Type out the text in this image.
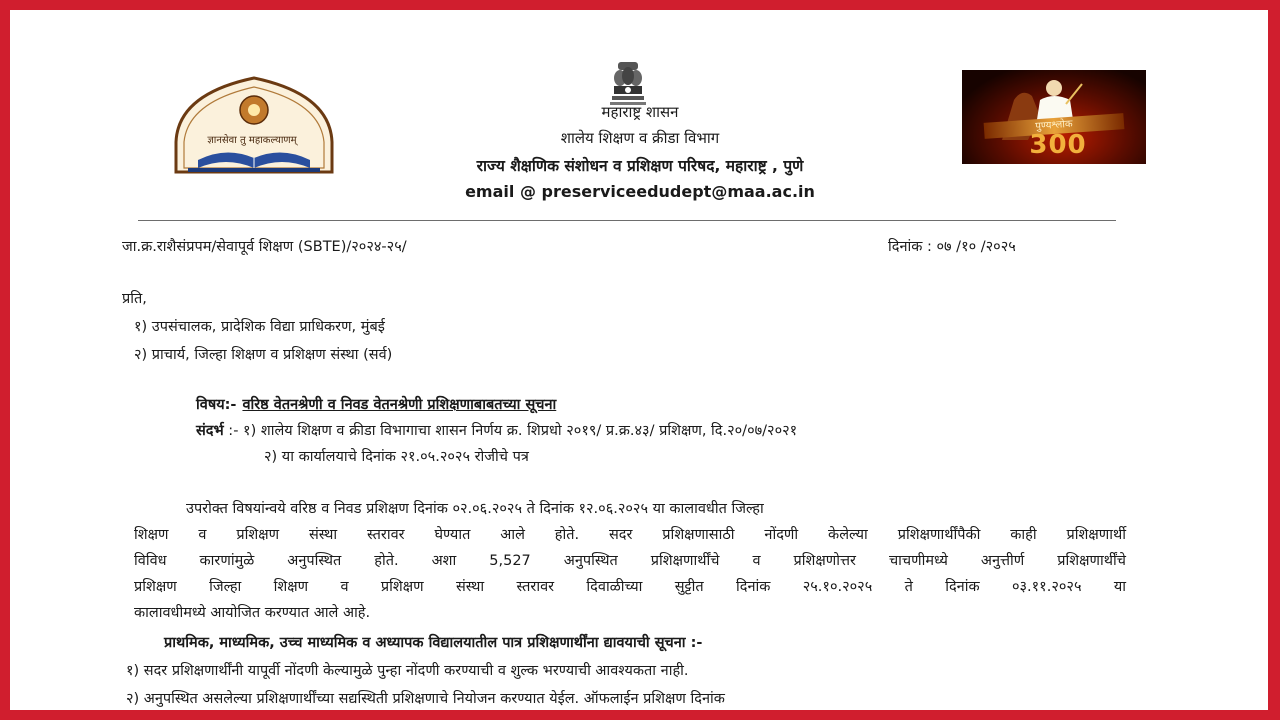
ज्ञानसेवा तु महाकल्याणम्
महाराष्ट्र शासन
शालेय शिक्षण व क्रीडा विभाग
राज्य शैक्षणिक संशोधन व प्रशिक्षण परिषद, महाराष्ट्र , पुणे
email @ preserviceedudept@maa.ac.in
पुण्यश्लोक
300
जा.क्र.राशैसंप्रपम/सेवापूर्व शिक्षण (SBTE)/२०२४-२५/	दिनांक : ०७ /१० /२०२५
प्रति,
१) उपसंचालक, प्रादेशिक विद्या प्राधिकरण, मुंबई
२) प्राचार्य, जिल्हा शिक्षण व प्रशिक्षण संस्था (सर्व)
विषय:- वरिष्ठ वेतनश्रेणी व निवड वेतनश्रेणी प्रशिक्षणाबाबतच्या सूचना
संदर्भ :- १) शालेय शिक्षण व क्रीडा विभागाचा शासन निर्णय क्र. शिप्रधो २०१९/ प्र.क्र.४३/ प्रशिक्षण, दि.२०/०७/२०२१
२) या कार्यालयाचे दिनांक २१.०५.२०२५ रोजीचे पत्र
उपरोक्त विषयांन्वये वरिष्ठ व निवड प्रशिक्षण दिनांक ०२.०६.२०२५ ते दिनांक १२.०६.२०२५ या कालावधीत जिल्हा
शिक्षण व प्रशिक्षण संस्था स्तरावर घेण्यात आले होते. सदर प्रशिक्षणासाठी नोंदणी केलेल्या प्रशिक्षणार्थींपैकी काही प्रशिक्षणार्थी
विविध कारणांमुळे अनुपस्थित होते. अशा 5,527 अनुपस्थित प्रशिक्षणार्थींचे व प्रशिक्षणोत्तर चाचणीमध्ये अनुत्तीर्ण प्रशिक्षणार्थींचे
प्रशिक्षण जिल्हा शिक्षण व प्रशिक्षण संस्था स्तरावर दिवाळीच्या सुट्टीत दिनांक २५.१०.२०२५ ते दिनांक ०३.११.२०२५ या
कालावधीमध्ये आयोजित करण्यात आले आहे.
प्राथमिक, माध्यमिक, उच्च माध्यमिक व अध्यापक विद्यालयातील पात्र प्रशिक्षणार्थींना द्यावयाची सूचना :-
१) सदर प्रशिक्षणार्थींनी यापूर्वी नोंदणी केल्यामुळे पुन्हा नोंदणी करण्याची व शुल्क भरण्याची आवश्यकता नाही.
२) अनुपस्थित असलेल्या प्रशिक्षणार्थींच्या सद्यस्थिती प्रशिक्षणाचे नियोजन करण्यात येईल. ऑफलाईन प्रशिक्षण दिनांक
